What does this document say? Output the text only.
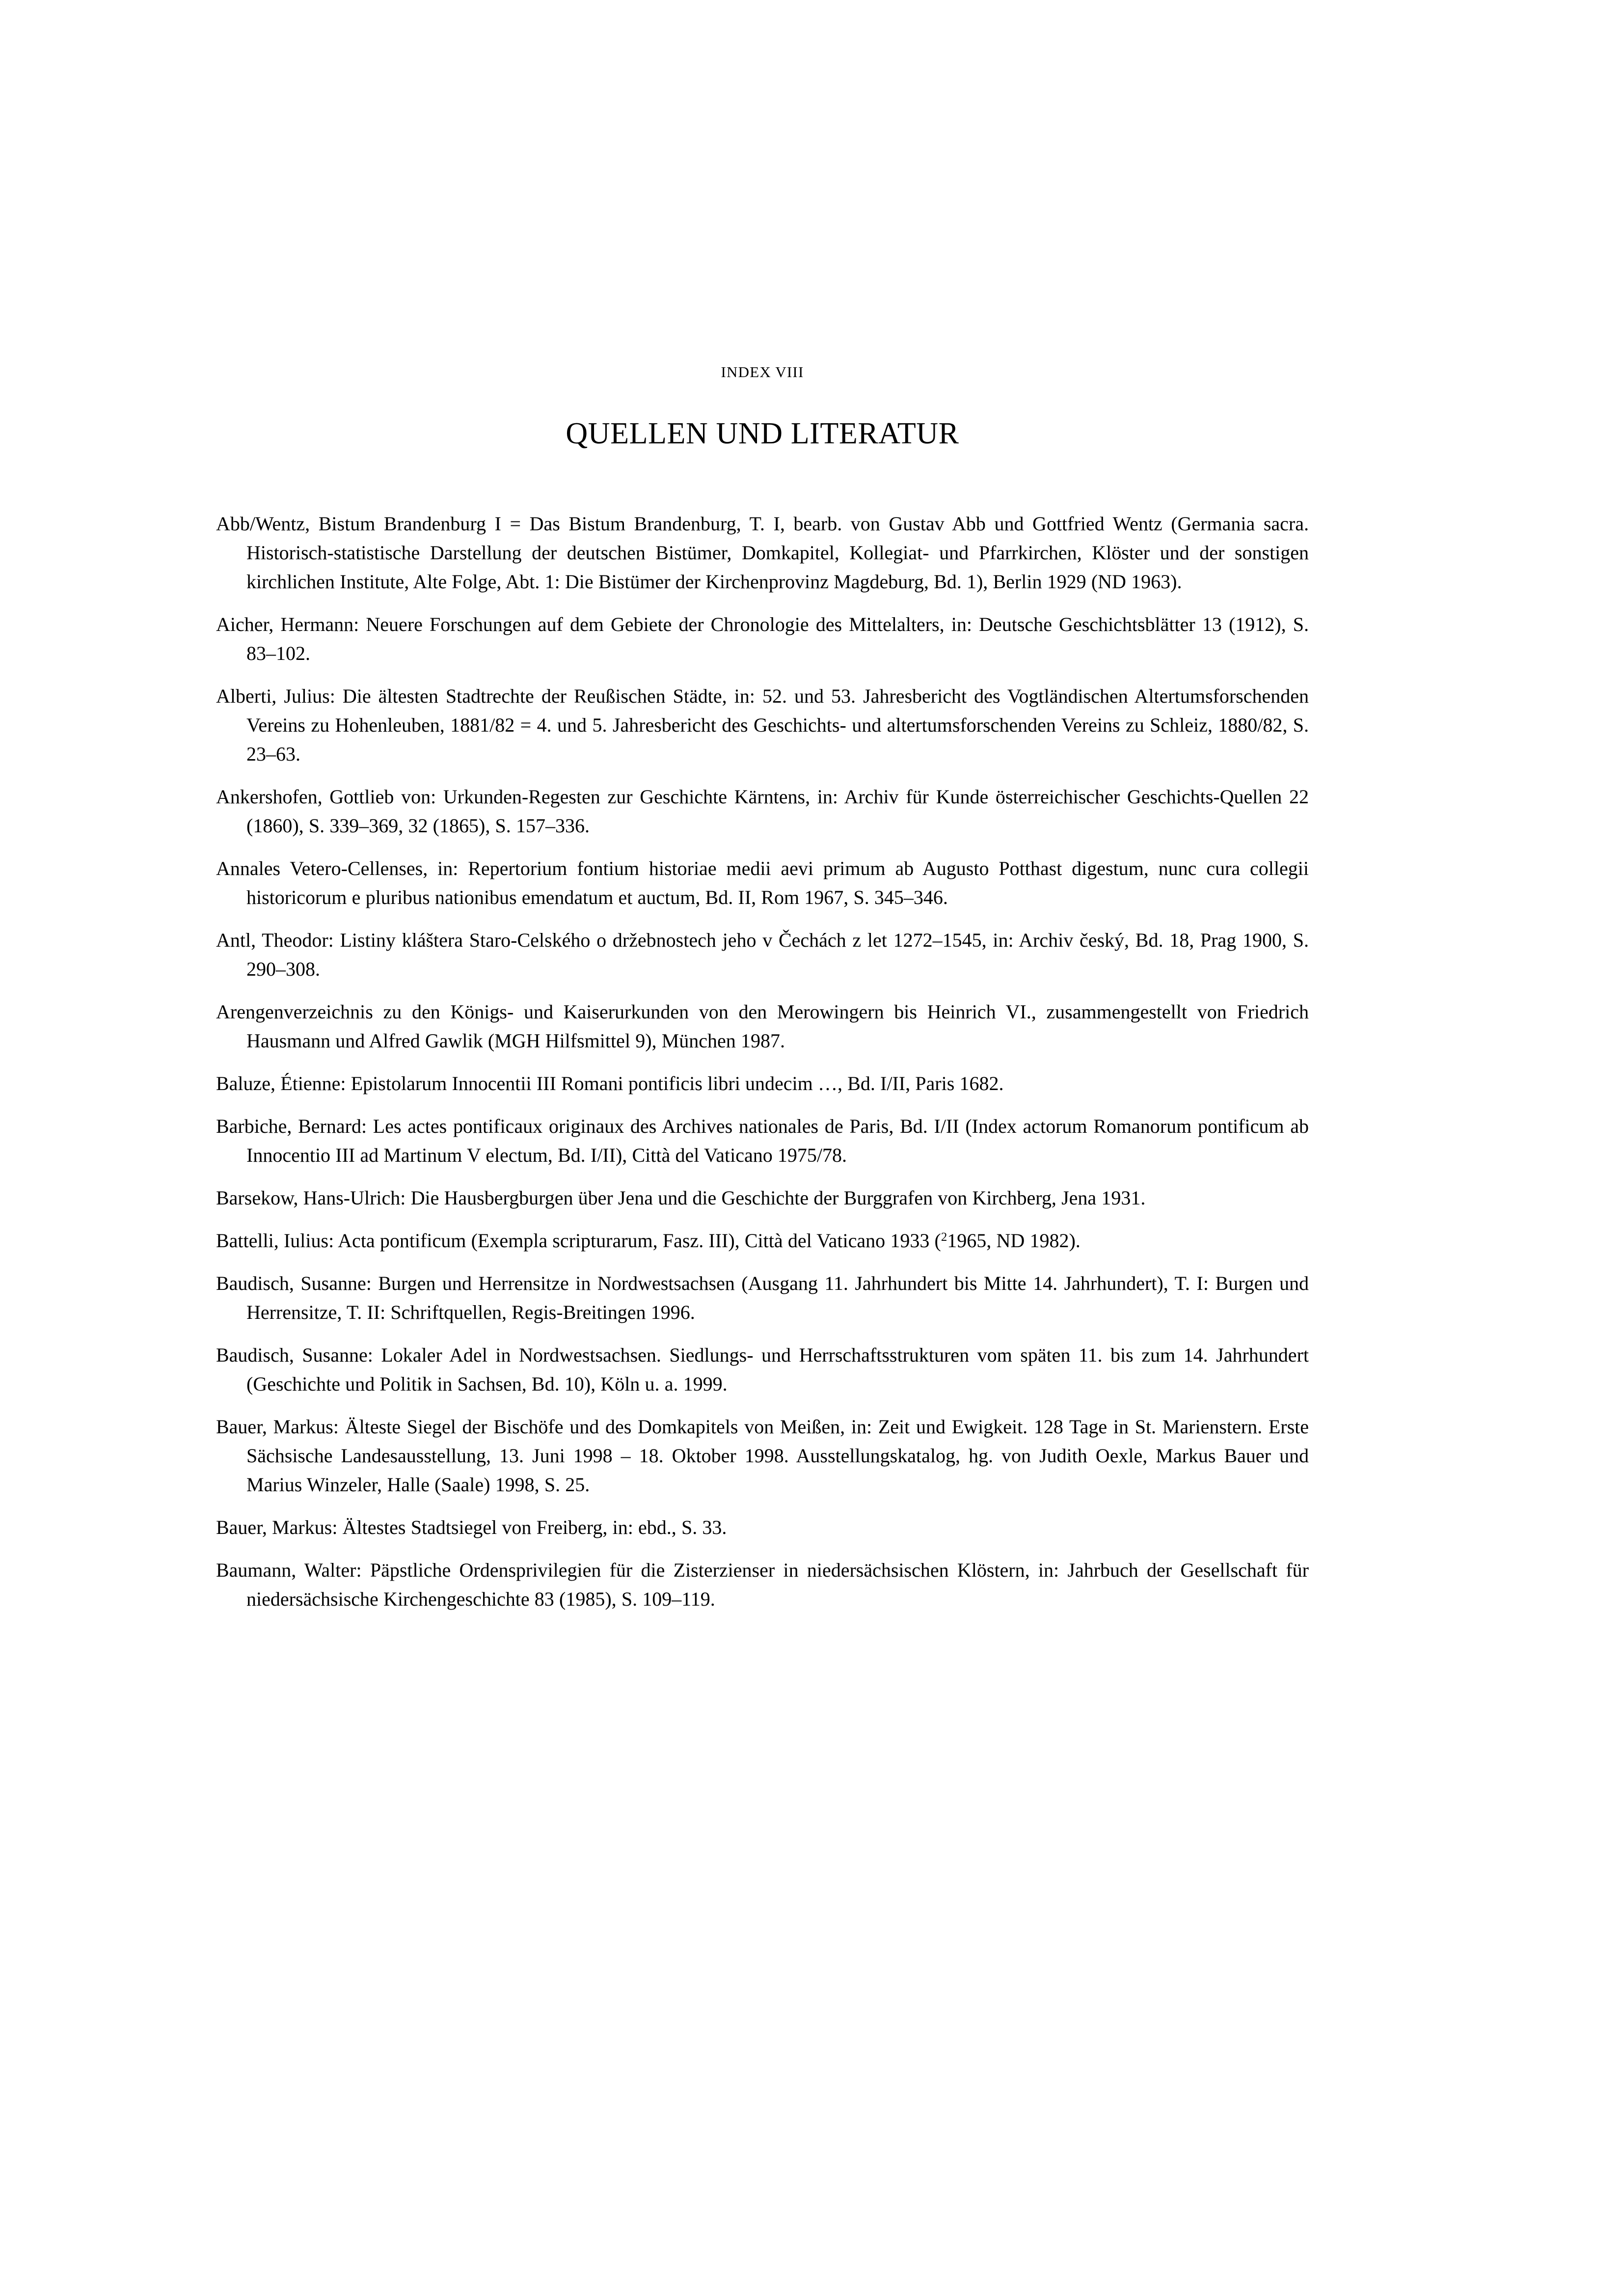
INDEX VIII
QUELLEN UND LITERATUR

Abb/Wentz, Bistum Brandenburg I = Das Bistum Brandenburg, T. I, bearb. von Gustav Abb und Gottfried Wentz (Germania sacra. Historisch-statistische Darstellung der deutschen Bistümer, Domkapitel, Kollegiat- und Pfarrkirchen, Klöster und der sonstigen kirchlichen Institute, Alte Folge, Abt. 1: Die Bistümer der Kirchenprovinz Magdeburg, Bd. 1), Berlin 1929 (ND 1963).

Aicher, Hermann: Neuere Forschungen auf dem Gebiete der Chronologie des Mittelalters, in: Deutsche Geschichtsblätter 13 (1912), S. 83–102.

Alberti, Julius: Die ältesten Stadtrechte der Reußischen Städte, in: 52. und 53. Jahresbericht des Vogtländischen Altertumsforschenden Vereins zu Hohenleuben, 1881/82 = 4. und 5. Jahresbericht des Geschichts- und altertumsforschenden Vereins zu Schleiz, 1880/82, S. 23–63.

Ankershofen, Gottlieb von: Urkunden-Regesten zur Geschichte Kärntens, in: Archiv für Kunde österreichischer Geschichts-Quellen 22 (1860), S. 339–369, 32 (1865), S. 157–336.

Annales Vetero-Cellenses, in: Repertorium fontium historiae medii aevi primum ab Augusto Potthast digestum, nunc cura collegii historicorum e pluribus nationibus emendatum et auctum, Bd. II, Rom 1967, S. 345–346.

Antl, Theodor: Listiny kláštera Staro-Celského o držebnostech jeho v Čechách z let 1272–1545, in: Archiv český, Bd. 18, Prag 1900, S. 290–308.

Arengenverzeichnis zu den Königs- und Kaiserurkunden von den Merowingern bis Heinrich VI., zusammengestellt von Friedrich Hausmann und Alfred Gawlik (MGH Hilfsmittel 9), München 1987.

Baluze, Étienne: Epistolarum Innocentii III Romani pontificis libri undecim …, Bd. I/II, Paris 1682.

Barbiche, Bernard: Les actes pontificaux originaux des Archives nationales de Paris, Bd. I/II (Index actorum Romanorum pontificum ab Innocentio III ad Martinum V electum, Bd. I/II), Città del Vaticano 1975/78.

Barsekow, Hans-Ulrich: Die Hausbergburgen über Jena und die Geschichte der Burggrafen von Kirchberg, Jena 1931.

Battelli, Iulius: Acta pontificum (Exempla scripturarum, Fasz. III), Città del Vaticano 1933 ($^2$1965, ND 1982).

Baudisch, Susanne: Burgen und Herrensitze in Nordwestsachsen (Ausgang 11. Jahrhundert bis Mitte 14. Jahrhundert), T. I: Burgen und Herrensitze, T. II: Schriftquellen, Regis-Breitingen 1996.

Baudisch, Susanne: Lokaler Adel in Nordwestsachsen. Siedlungs- und Herrschaftsstrukturen vom späten 11. bis zum 14. Jahrhundert (Geschichte und Politik in Sachsen, Bd. 10), Köln u. a. 1999.

Bauer, Markus: Älteste Siegel der Bischöfe und des Domkapitels von Meißen, in: Zeit und Ewigkeit. 128 Tage in St. Marienstern. Erste Sächsische Landesausstellung, 13. Juni 1998 – 18. Oktober 1998. Ausstellungskatalog, hg. von Judith Oexle, Markus Bauer und Marius Winzeler, Halle (Saale) 1998, S. 25.

Bauer, Markus: Ältestes Stadtsiegel von Freiberg, in: ebd., S. 33.

Baumann, Walter: Päpstliche Ordensprivilegien für die Zisterzienser in niedersächsischen Klöstern, in: Jahrbuch der Gesellschaft für niedersächsische Kirchengeschichte 83 (1985), S. 109–119.
